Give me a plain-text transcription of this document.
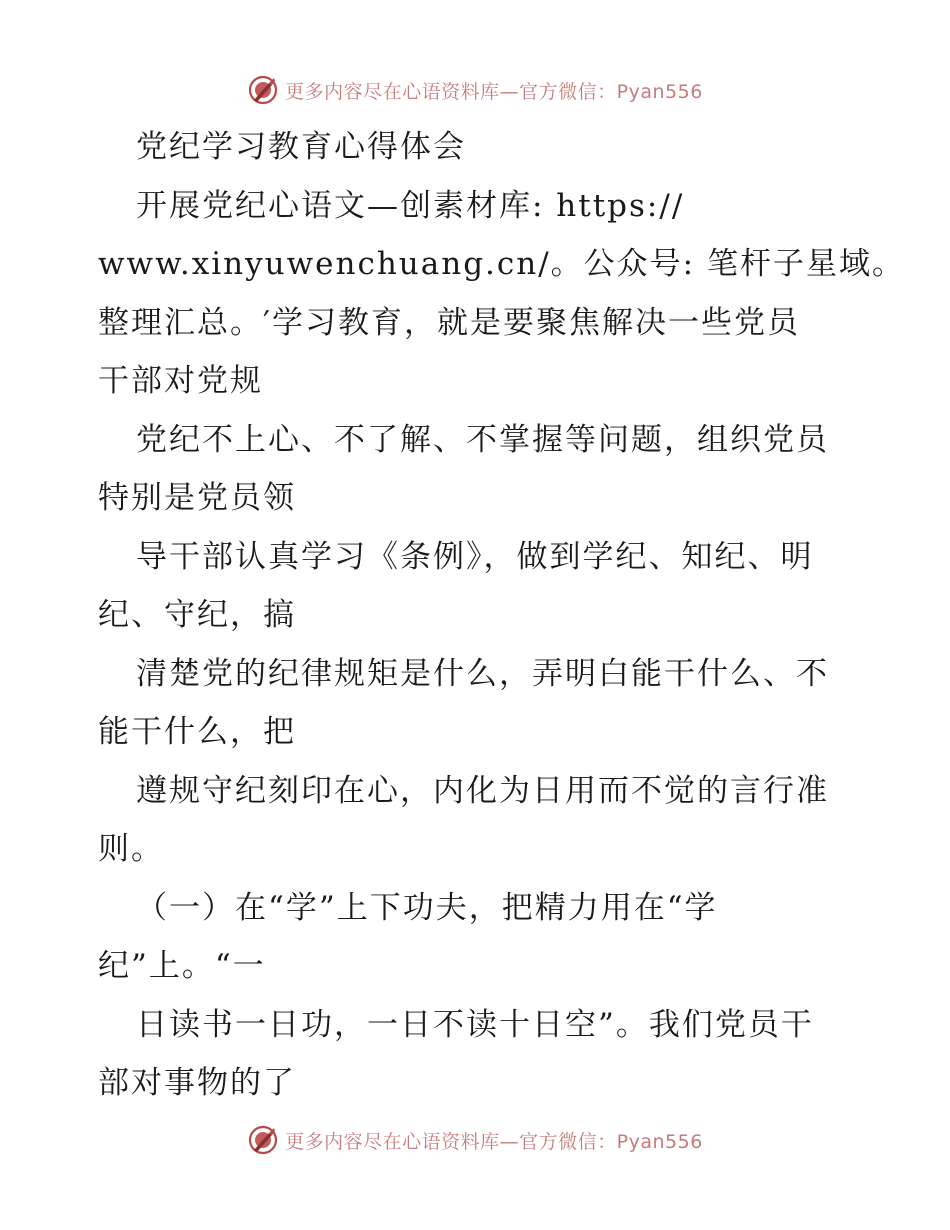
更多内容尽在心语资料库—官方微信：Pyan556
党纪学习教育心得体会
开展党纪心语文—创素材库: https://
www.xinyuwenchuang.cn/。公众号: 笔杆子星域。
整理汇总。′学习教育，就是要聚焦解决一些党员
干部对党规
党纪不上心、不了解、不掌握等问题，组织党员
特别是党员领
导干部认真学习《条例》，做到学纪、知纪、明
纪、守纪，搞
清楚党的纪律规矩是什么，弄明白能干什么、不
能干什么，把
遵规守纪刻印在心，内化为日用而不觉的言行准
则。
（一）在“学”上下功夫，把精力用在“学
纪”上。“一
日读书一日功，一日不读十日空”。我们党员干
部对事物的了
更多内容尽在心语资料库—官方微信：Pyan556
